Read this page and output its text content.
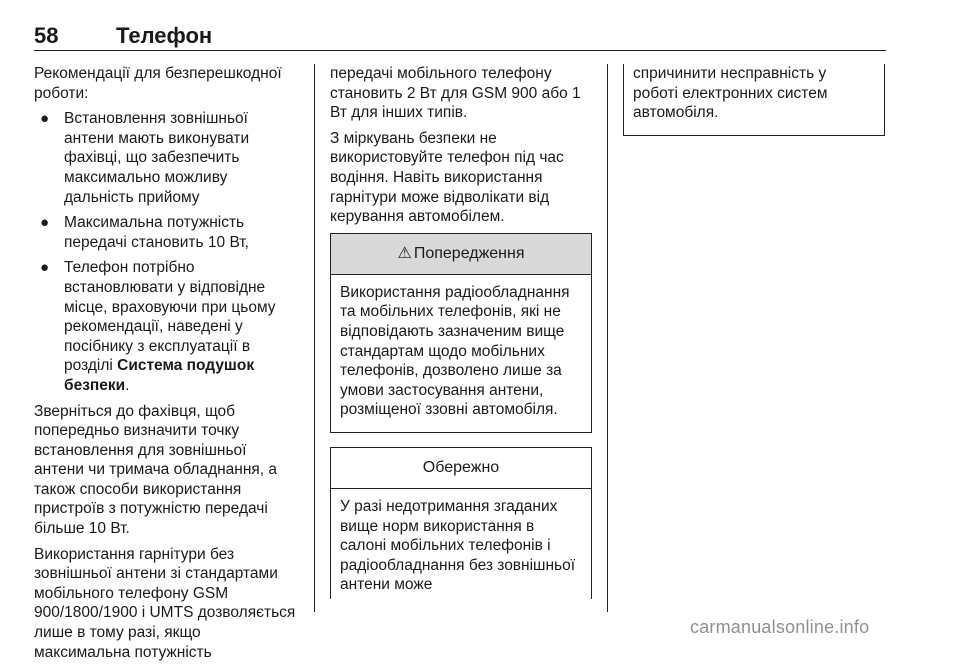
58	Телефон

Рекомендації для безперешкодної роботи:

● Встановлення зовнішньої антени мають виконувати фахівці, що забезпечить максимально можливу дальність прийому
● Максимальна потужність передачі становить 10 Вт,
● Телефон потрібно встановлювати у відповідне місце, враховуючи при цьому рекомендації, наведені у посібнику з експлуатації в розділі Система подушок безпеки.

Зверніться до фахівця, щоб попередньо визначити точку встановлення для зовнішньої антени чи тримача обладнання, а також способи використання пристроїв з потужністю передачі більше 10 Вт.

Використання гарнітури без зовнішньої антени зі стандартами мобільного телефону GSM 900/1800/1900 і UMTS дозволяється лише в тому разі, якщо максимальна потужність

передачі мобільного телефону становить 2 Вт для GSM 900 або 1 Вт для інших типів.

З міркувань безпеки не використовуйте телефон під час водіння. Навіть використання гарнітури може відволікати від керування автомобілем.

⚠ Попередження
Використання радіообладнання та мобільних телефонів, які не відповідають зазначеним вище стандартам щодо мобільних телефонів, дозволено лише за умови застосування антени, розміщеної ззовні автомобіля.
Обережно
У разі недотримання згаданих вище норм використання в салоні мобільних телефонів і радіообладнання без зовнішньої антени може
спричинити несправність у роботі електронних систем автомобіля.
carmanualsonline.info
